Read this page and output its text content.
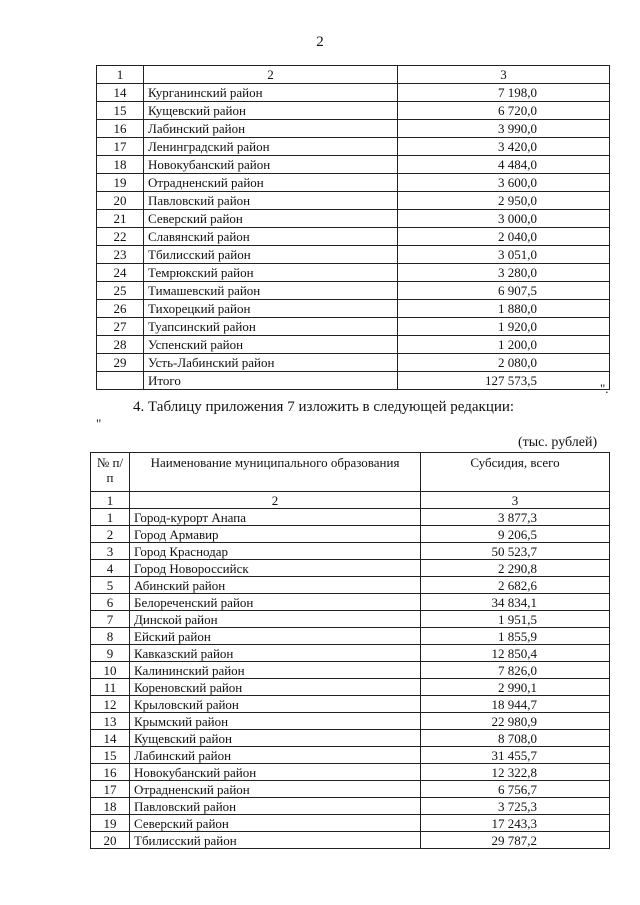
2
1	2	3
14	Курганинский район	7 198,0
15	Кущевский район	6 720,0
16	Лабинский район	3 990,0
17	Ленинградский район	3 420,0
18	Новокубанский район	4 484,0
19	Отрадненский район	3 600,0
20	Павловский район	2 950,0
21	Северский район	3 000,0
22	Славянский район	2 040,0
23	Тбилисский район	3 051,0
24	Темрюкский район	3 280,0
25	Тимашевский район	6 907,5
26	Тихорецкий район	1 880,0
27	Туапсинский район	1 920,0
28	Успенский район	1 200,0
29	Усть-Лабинский район	2 080,0
	Итого	127 573,5
".
4. Таблицу приложения 7 изложить в следующей редакции:
"
(тыс. рублей)
№ п/п	Наименование муниципального образования	Субсидия, всего
1	2	3
1	Город-курорт Анапа	3 877,3
2	Город Армавир	9 206,5
3	Город Краснодар	50 523,7
4	Город Новороссийск	2 290,8
5	Абинский район	2 682,6
6	Белореченский район	34 834,1
7	Динской район	1 951,5
8	Ейский район	1 855,9
9	Кавказский район	12 850,4
10	Калининский район	7 826,0
11	Кореновский район	2 990,1
12	Крыловский район	18 944,7
13	Крымский район	22 980,9
14	Кущевский район	8 708,0
15	Лабинский район	31 455,7
16	Новокубанский район	12 322,8
17	Отрадненский район	6 756,7
18	Павловский район	3 725,3
19	Северский район	17 243,3
20	Тбилисский район	29 787,2
